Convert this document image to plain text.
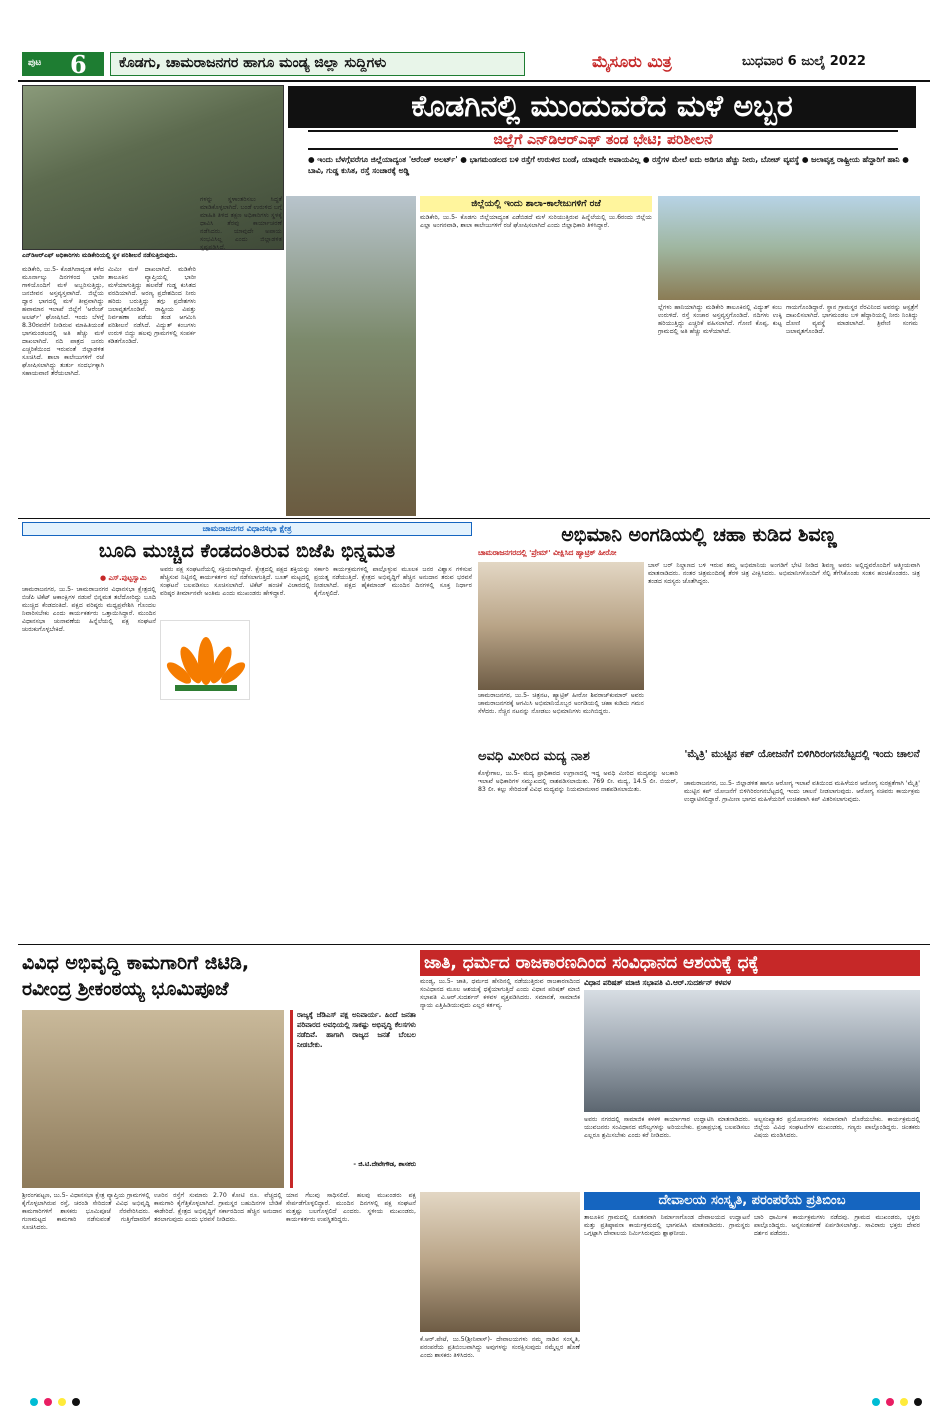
ಪುಟ 6	ಕೊಡಗು, ಚಾಮರಾಜನಗರ ಹಾಗೂ ಮಂಡ್ಯ ಜಿಲ್ಲಾ ಸುದ್ದಿಗಳು	ಮೈಸೂರು ಮಿತ್ರ	ಬುಧವಾರ 6 ಜುಲೈ 2022
ಎನ್‌ಡಿಆರ್‌ಎಫ್ ಅಧಿಕಾರಿಗಳು ಮಡಿಕೇರಿಯಲ್ಲಿ ಸ್ಥಳ ಪರಿಶೀಲನೆ ನಡೆಸುತ್ತಿರುವುದು.
ಕೊಡಗಿನಲ್ಲಿ ಮುಂದುವರೆದ ಮಳೆ ಅಬ್ಬರ
ಜಿಲ್ಲೆಗೆ ಎನ್‌ಡಿಆರ್‌ಎಫ್ ತಂಡ ಭೇಟಿ; ಪರಿಶೀಲನೆ
● ಇಂದು ಬೆಳಗ್ಗೆವರೆಗೂ ಜಿಲ್ಲೆಯಾದ್ಯಂತ 'ಆರೆಂಜ್ ಅಲರ್ಟ್' ● ಭಾಗಮಂಡಲದ ಬಳಿ ರಸ್ತೆಗೆ ಉರುಳಿದ ಬಂಡೆ, ಯಾವುದೇ ಅಪಾಯವಿಲ್ಲ ● ರಸ್ತೆಗಳ ಮೇಲೆ ಐದು ಅಡಿಗೂ ಹೆಚ್ಚು ನೀರು, ಬೋಟ್ ವ್ಯವಸ್ಥೆ ● ಜಲಾವೃತ್ತ ರಾಷ್ಟ್ರೀಯ ಹೆದ್ದಾರಿಗೆ ಹಾನಿ ● ಬಾವಿ, ಗುಡ್ಡ ಕುಸಿತ, ರಸ್ತೆ ಸಂಚಾರಕ್ಕೆ ಅಡ್ಡಿ
ಮಡಿಕೇರಿ, ಜು.5- ಕೊಡಗಿನಾದ್ಯಂತ ಕಳೆದ ಮೂರ್ನಾಲ್ಕು ದಿನಗಳಿಂದ ಭಾರೀ ಗಾಳಿಯೊಂದಿಗೆ ಮಳೆ ಅಬ್ಬರಿಸುತ್ತಿದ್ದು, ಜನಜೀವನ ಅಸ್ತವ್ಯಸ್ತವಾಗಿದೆ. ಜಿಲ್ಲೆಯ ದ್ವಾರ ಭಾಗದಲ್ಲಿ ಮಳೆ ತೀವ್ರವಾಗಿದ್ದು ಹವಾಮಾನ ಇಲಾಖೆ ಜಿಲ್ಲೆಗೆ 'ಆರೆಂಜ್ ಅಲರ್ಟ್' ಘೋಷಿಸಿದೆ. ಇಂದು ಬೆಳಗ್ಗೆ 8.30ರವರೆಗೆ ನೀಡಿರುವ ಮಾಹಿತಿಯಂತೆ ಭಾಗಮಂಡಲದಲ್ಲಿ ಅತಿ ಹೆಚ್ಚು ಮಳೆ ದಾಖಲಾಗಿದೆ. ನದಿ ಪಾತ್ರದ ಜನರು ಎಚ್ಚರಿಕೆಯಿಂದ ಇರುವಂತೆ ಜಿಲ್ಲಾಡಳಿತ ಸೂಚಿಸಿದೆ. ಶಾಲಾ ಕಾಲೇಜುಗಳಿಗೆ ರಜೆ ಘೋಷಿಸಲಾಗಿದ್ದು ತುರ್ತು ಸಂದರ್ಭಕ್ಕಾಗಿ ಸಹಾಯವಾಣಿ ತೆರೆಯಲಾಗಿದೆ.
ಮಿಮೀ ಮಳೆ ದಾಖಲಾಗಿದೆ. ಮಡಿಕೇರಿ ತಾಲೂಕಿನ ವ್ಯಾಪ್ತಿಯಲ್ಲಿ ಭಾರೀ ಮಳೆಯಾಗುತ್ತಿದ್ದು ಹಲವೆಡೆ ಗುಡ್ಡ ಕುಸಿತದ ವರದಿಯಾಗಿದೆ. ಅರಣ್ಯ ಪ್ರದೇಶದಿಂದ ನೀರು ಹರಿದು ಬರುತ್ತಿದ್ದು ತಗ್ಗು ಪ್ರದೇಶಗಳು ಜಲಾವೃತಗೊಂಡಿವೆ. ರಾಷ್ಟ್ರೀಯ ವಿಪತ್ತು ನಿರ್ವಹಣಾ ಪಡೆಯ ತಂಡ ಆಗಮಿಸಿ ಪರಿಶೀಲನೆ ನಡೆಸಿದೆ. ವಿದ್ಯುತ್ ಕಂಬಗಳು ಉರುಳಿ ಬಿದ್ದು ಹಲವು ಗ್ರಾಮಗಳಲ್ಲಿ ಸಂಪರ್ಕ ಕಡಿತಗೊಂಡಿದೆ.
ಗಳನ್ನು ಸ್ಥಳಾಂತರಿಸಲು ಸಿದ್ಧತೆ ಮಾಡಿಕೊಳ್ಳಲಾಗಿದೆ. ಬಂಡೆ ಉರುಳಿದ ಬಗ್ಗೆ ಮಾಹಿತಿ ತಿಳಿದ ತಕ್ಷಣ ಅಧಿಕಾರಿಗಳು ಸ್ಥಳಕ್ಕೆ ಧಾವಿಸಿ ತೆರವು ಕಾರ್ಯಾಚರಣೆ ನಡೆಸಿದರು. ಯಾವುದೇ ಅಪಾಯ ಸಂಭವಿಸಿಲ್ಲ ಎಂದು ಜಿಲ್ಲಾಡಳಿತ ಸ್ಪಷ್ಟಪಡಿಸಿದೆ.
ಜಿಲ್ಲೆಯಲ್ಲಿ ಇಂದು ಶಾಲಾ-ಕಾಲೇಜುಗಳಿಗೆ ರಜೆ
ಮಡಿಕೇರಿ, ಜು.5- ಕೊಡಗು ಜಿಲ್ಲೆಯಾದ್ಯಂತ ಎಡೆಬಿಡದೆ ಮಳೆ ಸುರಿಯುತ್ತಿರುವ ಹಿನ್ನೆಲೆಯಲ್ಲಿ ಜು.6ರಂದು ಜಿಲ್ಲೆಯ ಎಲ್ಲಾ ಅಂಗನವಾಡಿ, ಶಾಲಾ ಕಾಲೇಜುಗಳಿಗೆ ರಜೆ ಘೋಷಿಸಲಾಗಿದೆ ಎಂದು ಜಿಲ್ಲಾಧಿಕಾರಿ ತಿಳಿಸಿದ್ದಾರೆ.
ಲ್ಲೆಗಳು ಹಾನಿಯಾಗಿದ್ದು ಮಡಿಕೇರಿ ತಾಲೂಕಿನಲ್ಲಿ ವಿದ್ಯುತ್ ಕಂಬ ಉರುಳಿದೆ. ರಸ್ತೆ ಸಂಚಾರ ಅಸ್ತವ್ಯಸ್ತಗೊಂಡಿದೆ. ನದಿಗಳು ಉಕ್ಕಿ ಹರಿಯುತ್ತಿದ್ದು ಎಚ್ಚರಿಕೆ ವಹಿಸಲಾಗಿದೆ. ಗೋಣಿ ಕೊಪ್ಪ, ಕುಟ್ಟ ಗ್ರಾಮದಲ್ಲಿ ಅತಿ ಹೆಚ್ಚು ಮಳೆಯಾಗಿದೆ.
ಗಾಯಗೊಂಡಿದ್ದಾರೆ. ಸ್ಥಾನ ಗ್ರಾಮಸ್ಥರ ನೆರವಿನಿಂದ ಅವರನ್ನು ಆಸ್ಪತ್ರೆಗೆ ದಾಖಲಿಸಲಾಗಿದೆ. ಭಾಗಮಂಡಲ ಬಳಿ ಹೆದ್ದಾರಿಯಲ್ಲಿ ನೀರು ನಿಂತಿದ್ದು ದೋಣಿ ವ್ಯವಸ್ಥೆ ಮಾಡಲಾಗಿದೆ. ತ್ರಿವೇಣಿ ಸಂಗಮ ಜಲಾವೃತಗೊಂಡಿದೆ.
ಚಾಮರಾಜನಗರ ವಿಧಾನಸಭಾ ಕ್ಷೇತ್ರ
ಬೂದಿ ಮುಚ್ಚಿದ ಕೆಂಡದಂತಿರುವ ಬಿಜೆಪಿ ಭಿನ್ನಮತ
● ಎಸ್.ಪುಟ್ಟಸ್ವಾಮಿ
ಚಾಮರಾಜನಗರ, ಜು.5- ಚಾಮರಾಜನಗರ ವಿಧಾನಸಭಾ ಕ್ಷೇತ್ರದಲ್ಲಿ ಬಿಜೆಪಿ ಟಿಕೆಟ್ ಆಕಾಂಕ್ಷಿಗಳ ನಡುವೆ ಭಿನ್ನಮತ ತಲೆದೋರಿದ್ದು ಬೂದಿ ಮುಚ್ಚಿದ ಕೆಂಡದಂತಿದೆ. ಪಕ್ಷದ ವರಿಷ್ಠರು ಮಧ್ಯಪ್ರವೇಶಿಸಿ ಗೊಂದಲ ನಿವಾರಿಸಬೇಕು ಎಂದು ಕಾರ್ಯಕರ್ತರು ಒತ್ತಾಯಿಸಿದ್ದಾರೆ. ಮುಂದಿನ ವಿಧಾನಸಭಾ ಚುನಾವಣೆಯ ಹಿನ್ನೆಲೆಯಲ್ಲಿ ಪಕ್ಷ ಸಂಘಟನೆ ಚುರುಕುಗೊಳ್ಳಬೇಕಿದೆ.
ಅವರು ಪಕ್ಷ ಸಂಘಟನೆಯಲ್ಲಿ ಸಕ್ರಿಯರಾಗಿದ್ದಾರೆ. ಕ್ಷೇತ್ರದಲ್ಲಿ ಪಕ್ಷದ ಶಕ್ತಿಯನ್ನು ಹೆಚ್ಚಿಸುವ ನಿಟ್ಟಿನಲ್ಲಿ ಕಾರ್ಯಕರ್ತರ ಸಭೆ ನಡೆಸಲಾಗುತ್ತಿದೆ. ಬೂತ್ ಮಟ್ಟದಲ್ಲಿ ಸಂಘಟನೆ ಬಲಪಡಿಸಲು ಸೂಚಿಸಲಾಗಿದೆ. ಟಿಕೆಟ್ ಹಂಚಿಕೆ ವಿಚಾರದಲ್ಲಿ ವರಿಷ್ಠರ ತೀರ್ಮಾನವೇ ಅಂತಿಮ ಎಂದು ಮುಖಂಡರು ಹೇಳಿದ್ದಾರೆ.
ಸರ್ಕಾರಿ ಕಾರ್ಯಕ್ರಮಗಳಲ್ಲಿ ಪಾಲ್ಗೊಳ್ಳುವ ಮೂಲಕ ಜನರ ವಿಶ್ವಾಸ ಗಳಿಸುವ ಪ್ರಯತ್ನ ನಡೆಯುತ್ತಿದೆ. ಕ್ಷೇತ್ರದ ಅಭಿವೃದ್ಧಿಗೆ ಹೆಚ್ಚಿನ ಅನುದಾನ ತರುವ ಭರವಸೆ ನೀಡಲಾಗಿದೆ. ಪಕ್ಷದ ಹೈಕಮಾಂಡ್ ಮುಂದಿನ ದಿನಗಳಲ್ಲಿ ಸೂಕ್ತ ನಿರ್ಧಾರ ಕೈಗೊಳ್ಳಲಿದೆ.
ಅಭಿಮಾನಿ ಅಂಗಡಿಯಲ್ಲಿ ಚಹಾ ಕುಡಿದ ಶಿವಣ್ಣ
ಚಾಮರಾಜನಗರದಲ್ಲಿ 'ಪ್ರೇಮ್' ವೀಕ್ಷಿಸಿದ ಹ್ಯಾಟ್ರಿಕ್ ಹೀರೋ
ಚಾಮರಾಜನಗರ, ಜು.5- ಚಿತ್ರನಟ, ಹ್ಯಾಟ್ರಿಕ್ ಹೀರೋ ಶಿವರಾಜ್‌ಕುಮಾರ್ ಅವರು ಚಾಮರಾಜನಗರಕ್ಕೆ ಆಗಮಿಸಿ ಅಭಿಮಾನಿಯೊಬ್ಬರ ಅಂಗಡಿಯಲ್ಲಿ ಚಹಾ ಕುಡಿದು ಗಮನ ಸೆಳೆದರು. ನೆಚ್ಚಿನ ನಟನನ್ನು ನೋಡಲು ಅಭಿಮಾನಿಗಳು ಮುಗಿಬಿದ್ದರು.
ಬಾಸ್ ಬರ್ ನಿಲ್ದಾಣದ ಬಳಿ ಇರುವ ತಮ್ಮ ಅಭಿಮಾನಿಯ ಅಂಗಡಿಗೆ ಭೇಟಿ ನೀಡಿದ ಶಿವಣ್ಣ ಅವರು ಅಲ್ಲಿದ್ದವರೊಂದಿಗೆ ಆತ್ಮೀಯವಾಗಿ ಮಾತನಾಡಿದರು. ನಂತರ ಚಿತ್ರಮಂದಿರಕ್ಕೆ ತೆರಳಿ ಚಿತ್ರ ವೀಕ್ಷಿಸಿದರು. ಅಭಿಮಾನಿಗಳೊಂದಿಗೆ ಸೆಲ್ಫಿ ತೆಗೆಸಿಕೊಂಡು ಸಂತಸ ಹಂಚಿಕೊಂಡರು. ಚಿತ್ರ ತಂಡದ ಸದಸ್ಯರು ಜೊತೆಗಿದ್ದರು.
ಅವಧಿ ಮೀರಿದ ಮದ್ಯ ನಾಶ
ಕೊಳ್ಳೇಗಾಲ, ಜು.5- ಮದ್ಯ ಪ್ರಾಧಿಕಾರದ ಉಗ್ರಾಣದಲ್ಲಿ ಇದ್ದ ಅವಧಿ ಮೀರಿದ ಮದ್ಯವನ್ನು ಅಬಕಾರಿ ಇಲಾಖೆ ಅಧಿಕಾರಿಗಳ ಸಮ್ಮುಖದಲ್ಲಿ ನಾಶಪಡಿಸಲಾಯಿತು. 769 ಲೀ. ಮದ್ಯ, 14.5 ಲೀ. ಬಿಯರ್, 83 ಲೀ. ಕಲ್ಲು ಸೇರಿದಂತೆ ವಿವಿಧ ಮದ್ಯವನ್ನು ನಿಯಮಾನುಸಾರ ನಾಶಪಡಿಸಲಾಯಿತು.
'ಮೈತ್ರಿ' ಮುಟ್ಟಿನ ಕಪ್ ಯೋಜನೆಗೆ ಬಿಳಿಗಿರಿರಂಗನಬೆಟ್ಟದಲ್ಲಿ ಇಂದು ಚಾಲನೆ
ಚಾಮರಾಜನಗರ, ಜು.5- ಜಿಲ್ಲಾಡಳಿತ ಹಾಗೂ ಆರೋಗ್ಯ ಇಲಾಖೆ ವತಿಯಿಂದ ಮಹಿಳೆಯರ ಆರೋಗ್ಯ ಸುರಕ್ಷತೆಗಾಗಿ 'ಮೈತ್ರಿ' ಮುಟ್ಟಿನ ಕಪ್ ಯೋಜನೆಗೆ ಬಿಳಿಗಿರಿರಂಗನಬೆಟ್ಟದಲ್ಲಿ ಇಂದು ಚಾಲನೆ ನೀಡಲಾಗುವುದು. ಆರೋಗ್ಯ ಸಚಿವರು ಕಾರ್ಯಕ್ರಮ ಉದ್ಘಾಟಿಸಲಿದ್ದಾರೆ. ಗ್ರಾಮೀಣ ಭಾಗದ ಮಹಿಳೆಯರಿಗೆ ಉಚಿತವಾಗಿ ಕಪ್ ವಿತರಿಸಲಾಗುವುದು.
ವಿವಿಧ ಅಭಿವೃದ್ಧಿ ಕಾಮಗಾರಿಗೆ ಜಿಟಿಡಿ,
ರವೀಂದ್ರ ಶ್ರೀಕಂಠಯ್ಯ ಭೂಮಿಪೂಜೆ
ರಾಜ್ಯಕ್ಕೆ ಜೆಡಿಎಸ್ ಪಕ್ಷ ಅನಿವಾರ್ಯ. ಹಿಂದೆ ಜನತಾ ಪರಿವಾರದ ಅವಧಿಯಲ್ಲಿ ಸಾಕಷ್ಟು ಅಭಿವೃದ್ಧಿ ಕೆಲಸಗಳು ನಡೆದಿವೆ. ಹಾಗಾಗಿ ರಾಜ್ಯದ ಜನತೆ ಬೆಂಬಲ ನೀಡಬೇಕು.
- ಜಿ.ಟಿ.ದೇವೇಗೌಡ, ಶಾಸಕರು
ಶ್ರೀರಂಗಪಟ್ಟಣ, ಜು.5- ವಿಧಾನಸಭಾ ಕ್ಷೇತ್ರ ವ್ಯಾಪ್ತಿಯ ಗ್ರಾಮಗಳಲ್ಲಿ ಕೈಗೊಳ್ಳಲಾಗಿರುವ ರಸ್ತೆ, ಚರಂಡಿ ಸೇರಿದಂತೆ ವಿವಿಧ ಅಭಿವೃದ್ಧಿ ಕಾಮಗಾರಿಗಳಿಗೆ ಶಾಸಕರು ಭೂಮಿಪೂಜೆ ನೆರವೇರಿಸಿದರು. ಗುಣಮಟ್ಟದ ಕಾಮಗಾರಿ ನಡೆಸುವಂತೆ ಗುತ್ತಿಗೆದಾರರಿಗೆ ಸೂಚಿಸಿದರು.
ಊರಿನ ರಸ್ತೆಗೆ ಸುಮಾರು 2.70 ಕೋಟಿ ರೂ. ವೆಚ್ಚದಲ್ಲಿ ಕಾಮಗಾರಿ ಕೈಗೆತ್ತಿಕೊಳ್ಳಲಾಗಿದೆ. ಗ್ರಾಮಸ್ಥರ ಬಹುದಿನಗಳ ಬೇಡಿಕೆ ಈಡೇರಿದೆ. ಕ್ಷೇತ್ರದ ಅಭಿವೃದ್ಧಿಗೆ ಸರ್ಕಾರದಿಂದ ಹೆಚ್ಚಿನ ಅನುದಾನ ತರಲಾಗುವುದು ಎಂದು ಭರವಸೆ ನೀಡಿದರು.
ಯಾನ ಗೆಲುವು ಸಾಧಿಸಲಿದೆ. ಹಲವು ಮುಖಂಡರು ಪಕ್ಷ ಸೇರ್ಪಡೆಗೊಳ್ಳಲಿದ್ದಾರೆ. ಮುಂದಿನ ದಿನಗಳಲ್ಲಿ ಪಕ್ಷ ಸಂಘಟನೆ ಮತ್ತಷ್ಟು ಬಲಗೊಳ್ಳಲಿದೆ ಎಂದರು. ಸ್ಥಳೀಯ ಮುಖಂಡರು, ಕಾರ್ಯಕರ್ತರು ಉಪಸ್ಥಿತರಿದ್ದರು.
ಜಾತಿ, ಧರ್ಮದ ರಾಜಕಾರಣದಿಂದ ಸಂವಿಧಾನದ ಆಶಯಕ್ಕೆ ಧಕ್ಕೆ
ವಿಧಾನ ಪರಿಷತ್ ಮಾಜಿ ಸಭಾಪತಿ ವಿ.ಆರ್.ಸುದರ್ಶನ್ ಕಳವಳ
ಮಂಡ್ಯ, ಜು.5- ಜಾತಿ, ಧರ್ಮದ ಹೆಸರಿನಲ್ಲಿ ನಡೆಯುತ್ತಿರುವ ರಾಜಕಾರಣದಿಂದ ಸಂವಿಧಾನದ ಮೂಲ ಆಶಯಕ್ಕೆ ಧಕ್ಕೆಯಾಗುತ್ತಿದೆ ಎಂದು ವಿಧಾನ ಪರಿಷತ್ ಮಾಜಿ ಸಭಾಪತಿ ವಿ.ಆರ್.ಸುದರ್ಶನ್ ಕಳವಳ ವ್ಯಕ್ತಪಡಿಸಿದರು. ಸಮಾನತೆ, ಸಾಮಾಜಿಕ ನ್ಯಾಯ ಎತ್ತಿಹಿಡಿಯುವುದು ಎಲ್ಲರ ಕರ್ತವ್ಯ.
ಅವರು ನಗರದಲ್ಲಿ ಸಾಮಾಜಿಕ ಕಳಕಳಿ ಕಾರ್ಯಾಗಾರ ಉದ್ಘಾಟಿಸಿ ಮಾತನಾಡಿದರು. ಯುವಜನರು ಸಂವಿಧಾನದ ಮೌಲ್ಯಗಳನ್ನು ಅರಿಯಬೇಕು. ಪ್ರಜಾಪ್ರಭುತ್ವ ಬಲಪಡಿಸಲು ಎಲ್ಲರೂ ಶ್ರಮಿಸಬೇಕು ಎಂದು ಕರೆ ನೀಡಿದರು.
ಅಲ್ಪಸಂಖ್ಯಾತರ ಪ್ರಯೋಜನಗಳು ಸಮಾನವಾಗಿ ದೊರೆಯಬೇಕು. ಕಾರ್ಯಕ್ರಮದಲ್ಲಿ ಜಿಲ್ಲೆಯ ವಿವಿಧ ಸಂಘಟನೆಗಳ ಮುಖಂಡರು, ಗಣ್ಯರು ಪಾಲ್ಗೊಂಡಿದ್ದರು. ಚಿಂತಕರು ವಿಷಯ ಮಂಡಿಸಿದರು.
ದೇವಾಲಯ ಸಂಸ್ಕೃತಿ, ಪರಂಪರೆಯ ಪ್ರತಿಬಿಂಬ
ಕೆ.ಆರ್.ಪೇಟೆ, ಜು.5(ಶ್ರೀನಿವಾಸ್)- ದೇವಾಲಯಗಳು ನಮ್ಮ ನಾಡಿನ ಸಂಸ್ಕೃತಿ, ಪರಂಪರೆಯ ಪ್ರತಿಬಿಂಬವಾಗಿದ್ದು ಅವುಗಳನ್ನು ಸಂರಕ್ಷಿಸುವುದು ನಮ್ಮೆಲ್ಲರ ಹೊಣೆ ಎಂದು ಶಾಸಕರು ತಿಳಿಸಿದರು.
ತಾಲೂಕಿನ ಗ್ರಾಮದಲ್ಲಿ ನೂತನವಾಗಿ ನಿರ್ಮಾಣಗೊಂಡ ದೇವಾಲಯದ ಉದ್ಘಾಟನೆ ಮತ್ತು ಪ್ರತಿಷ್ಠಾಪನಾ ಕಾರ್ಯಕ್ರಮದಲ್ಲಿ ಭಾಗವಹಿಸಿ ಮಾತನಾಡಿದರು. ಗ್ರಾಮಸ್ಥರು ಒಗ್ಗಟ್ಟಾಗಿ ದೇವಾಲಯ ನಿರ್ಮಿಸಿರುವುದು ಶ್ಲಾಘನೀಯ.
ಬಾರಿ ಧಾರ್ಮಿಕ ಕಾರ್ಯಕ್ರಮಗಳು ನಡೆದವು. ಗ್ರಾಮದ ಮುಖಂಡರು, ಭಕ್ತರು ಪಾಲ್ಗೊಂಡಿದ್ದರು. ಅನ್ನಸಂತರ್ಪಣೆ ಏರ್ಪಡಿಸಲಾಗಿತ್ತು. ಸಾವಿರಾರು ಭಕ್ತರು ದೇವರ ದರ್ಶನ ಪಡೆದರು.
